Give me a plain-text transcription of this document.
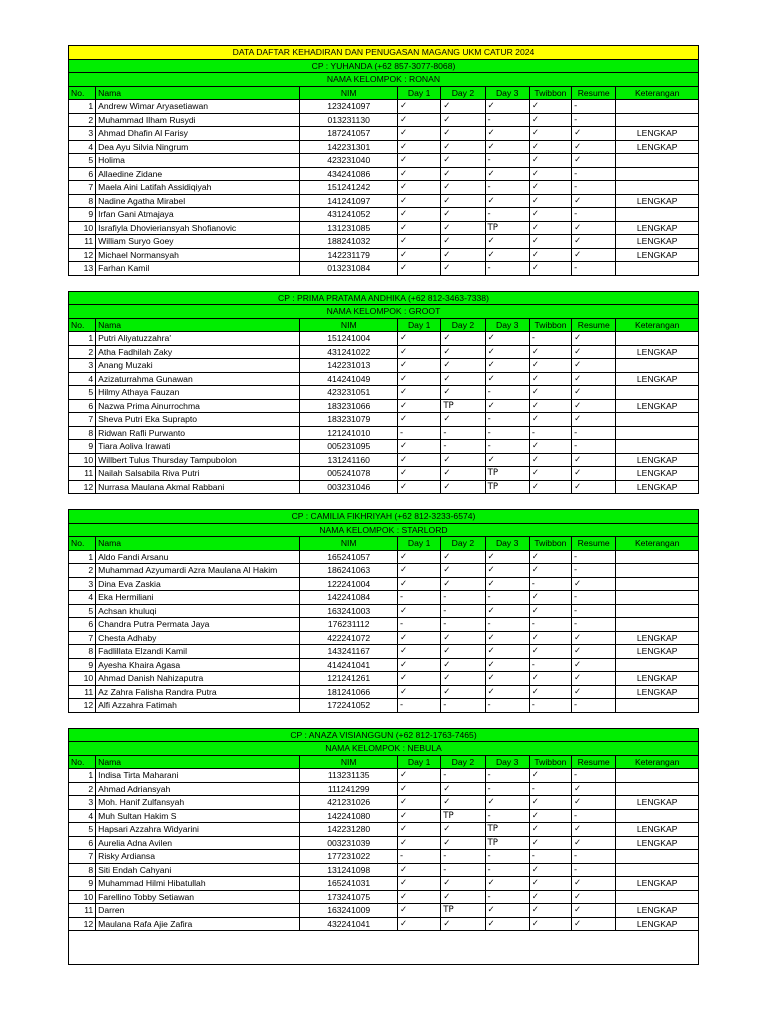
DATA DAFTAR KEHADIRAN DAN PENUGASAN MAGANG UKM CATUR 2024								
CP : YUHANDA (+62 857-3077-8068)								
NAMA KELOMPOK : RONAN								
No.	Nama	NIM	Day 1	Day 2	Day 3	Twibbon	Resume	Keterangan
1	Andrew Wimar Aryasetiawan	123241097	✓	✓	✓	✓	-	
2	Muhammad Ilham Rusydi	013231130	✓	✓	-	✓	-	
3	Ahmad Dhafin Al Farisy	187241057	✓	✓	✓	✓	✓	LENGKAP
4	Dea Ayu Silvia Ningrum	142231301	✓	✓	✓	✓	✓	LENGKAP
5	Holima	423231040	✓	✓	-	✓	✓	
6	Allaedine Zidane	434241086	✓	✓	✓	✓	-	
7	Maela Aini Latifah Assidiqiyah	151241242	✓	✓	-	✓	-	
8	Nadine Agatha Mirabel	141241097	✓	✓	✓	✓	✓	LENGKAP
9	Irfan Gani Atmajaya	431241052	✓	✓	-	✓	-	
10	Israfiyla Dhovieriansyah Shofianovic	131231085	✓	✓	TP	✓	✓	LENGKAP
11	William Suryo Goey	188241032	✓	✓	✓	✓	✓	LENGKAP
12	Michael Normansyah	142231179	✓	✓	✓	✓	✓	LENGKAP
13	Farhan Kamil	013231084	✓	✓	-	✓	-	
CP : PRIMA PRATAMA ANDHIKA (+62 812-3463-7338)								
NAMA KELOMPOK : GROOT								
No.	Nama	NIM	Day 1	Day 2	Day 3	Twibbon	Resume	Keterangan
1	Putri Aliyatuzzahra'	151241004	✓	✓	✓	-	✓	
2	Atha Fadhilah Zaky	431241022	✓	✓	✓	✓	✓	LENGKAP
3	Anang Muzaki	142231013	✓	✓	✓	✓	✓	
4	Azizaturrahma Gunawan	414241049	✓	✓	✓	✓	✓	LENGKAP
5	Hilmy Athaya Fauzan	423231051	✓	✓	-	✓	✓	
6	Nazwa Prima Ainurrochma	183231066	✓	TP	✓	✓	✓	LENGKAP
7	Sheva Putri Eka Suprapto	183231079	✓	✓	-	✓	✓	
8	Ridwan Rafli Purwanto	121241010	-	-	-	-	-	
9	Tiara Aoliva Irawati	005231095	✓	-	-	✓	-	
10	Willbert Tulus Thursday Tampubolon	131241160	✓	✓	✓	✓	✓	LENGKAP
11	Nailah Salsabila Riva Putri	005241078	✓	✓	TP	✓	✓	LENGKAP
12	Nurrasa Maulana Akmal Rabbani	003231046	✓	✓	TP	✓	✓	LENGKAP
CP : CAMILIA FIKHRIYAH (+62 812-3233-6574)								
NAMA KELOMPOK : STARLORD								
No.	Nama	NIM	Day 1	Day 2	Day 3	Twibbon	Resume	Keterangan
1	Aldo Fandi Arsanu	165241057	✓	✓	✓	✓	-	
2	Muhammad Azyumardi Azra Maulana Al Hakim	186241063	✓	✓	✓	✓	-	
3	Dina Eva Zaskia	122241004	✓	✓	✓	-	✓	
4	Eka Hermiliani	142241084	-	-	-	✓	-	
5	Achsan khuluqi	163241003	✓	-	✓	✓	-	
6	Chandra Putra Permata Jaya	176231112	-	-	-	-	-	
7	Chesta Adhaby	422241072	✓	✓	✓	✓	✓	LENGKAP
8	Fadlillata Elzandi Kamil	143241167	✓	✓	✓	✓	✓	LENGKAP
9	Ayesha Khaira Agasa	414241041	✓	✓	✓	-	✓	
10	Ahmad Danish Nahizaputra	121241261	✓	✓	✓	✓	✓	LENGKAP
11	Az Zahra Falisha Randra Putra	181241066	✓	✓	✓	✓	✓	LENGKAP
12	Alfi Azzahra Fatimah	172241052	-	-	-	-	-	
CP : ANAZA VISIANGGUN (+62 812-1763-7465)								
NAMA KELOMPOK : NEBULA								
No.	Nama	NIM	Day 1	Day 2	Day 3	Twibbon	Resume	Keterangan
1	Indisa Tirta Maharani	113231135	✓	-	-	✓	-	
2	Ahmad Adriansyah	111241299	✓	✓	-	-	✓	
3	Moh. Hanif Zulfansyah	421231026	✓	✓	✓	✓	✓	LENGKAP
4	Muh Sultan Hakim S	142241080	✓	TP	-	✓	-	
5	Hapsari Azzahra Widyarini	142231280	✓	✓	TP	✓	✓	LENGKAP
6	Aurelia Adna Avilen	003231039	✓	✓	TP	✓	✓	LENGKAP
7	Risky Ardiansa	177231022	-	-	-	-	-	
8	Siti Endah Cahyani	131241098	✓	-	-	✓	-	
9	Muhammad Hilmi Hibatullah	165241031	✓	✓	✓	✓	✓	LENGKAP
10	Farellino Tobby Setiawan	173241075	✓	✓	-	✓	✓	
11	Darren	163241009	✓	TP	✓	✓	✓	LENGKAP
12	Maulana Rafa Ajie Zafira	432241041	✓	✓	✓	✓	✓	LENGKAP
